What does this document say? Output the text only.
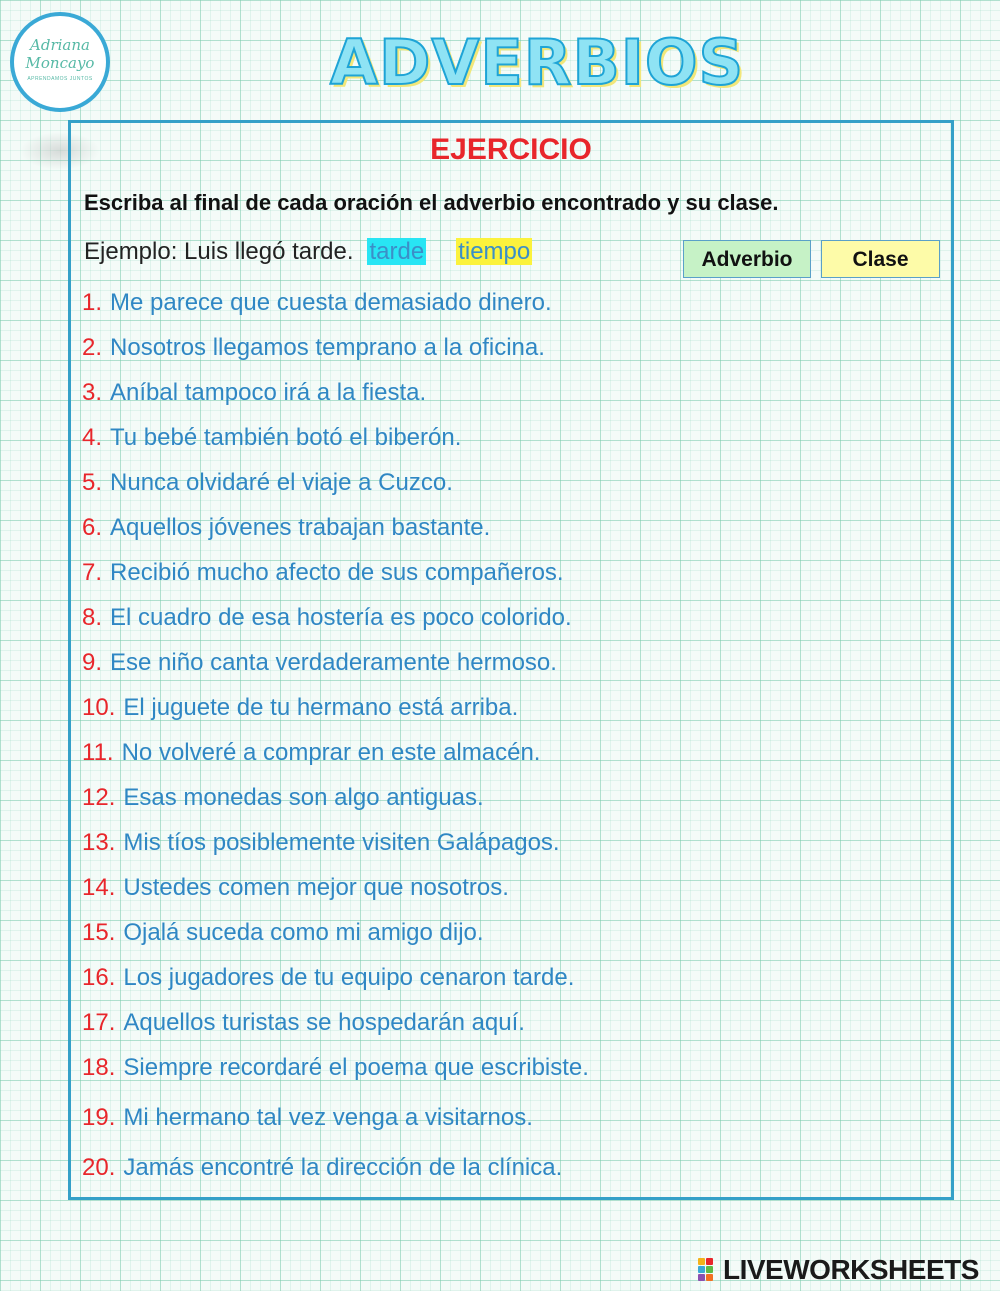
Adriana
Moncayo
APRENDAMOS JUNTOS	ADVERBIOS
EJERCICIO
Escriba al final de cada oración el adverbio encontrado y su clase.
Ejemplo: Luis llegó tarde. tarde tiempo	Adverbio	Clase
1. Me parece que cuesta demasiado dinero.
2. Nosotros llegamos temprano a la oficina.
3. Aníbal tampoco irá a la fiesta.
4. Tu bebé también botó el biberón.
5. Nunca olvidaré el viaje a Cuzco.
6. Aquellos jóvenes trabajan bastante.
7. Recibió mucho afecto de sus compañeros.
8. El cuadro de esa hostería es poco colorido.
9. Ese niño canta verdaderamente hermoso.
10. El juguete de tu hermano está arriba.
11. No volveré a comprar en este almacén.
12. Esas monedas son algo antiguas.
13. Mis tíos posiblemente visiten Galápagos.
14. Ustedes comen mejor que nosotros.
15. Ojalá suceda como mi amigo dijo.
16. Los jugadores de tu equipo cenaron tarde.
17. Aquellos turistas se hospedarán aquí.
18. Siempre recordaré el poema que escribiste.
19. Mi hermano tal vez venga a visitarnos.
20. Jamás encontré la dirección de la clínica.
LIVEWORKSHEETS
